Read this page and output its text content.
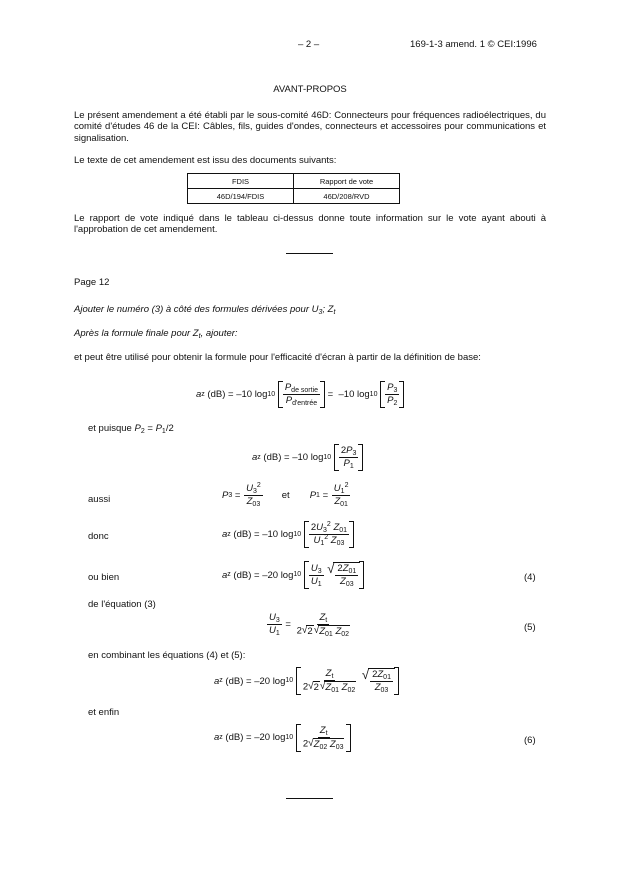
– 2 –	169-1-3 amend. 1 © CEI:1996
AVANT-PROPOS
Le présent amendement a été établi par le sous-comité 46D: Connecteurs pour fréquences radioélectriques, du comité d'études 46 de la CEI: Câbles, fils, guides d'ondes, connecteurs et accessoires pour communications et signalisation.
Le texte de cet amendement est issu des documents suivants:
FDIS	Rapport de vote
46D/194/FDIS	46D/208/RVD
Le rapport de vote indiqué dans le tableau ci-dessus donne toute information sur le vote ayant abouti à l'approbation de cet amendement.
Page 12
Ajouter le numéro (3) à côté des formules dérivées pour $U_3$; $Z_t$
Après la formule finale pour $Z_t$, ajouter:
et peut être utilisé pour obtenir la formule pour l'efficacité d'écran à partir de la définition de base:
a z (dB) = –10 log 10
$\frac{P_{de sortie}}{P_{d'entrée}} = -10$ log 10
$\frac{P_3}{P_2}$
et puisque $P_2 = P_1/2$
a z (dB) = –10 log 10
$\frac{2P_3}{P_1}$
aussi	P $3 = \frac{U_3^2}{Z_{03}}$ et P $1 = \frac{U_1^2}{Z_{01}}$
donc	a z (dB) = –10 log 10
$\frac{2U_3^2 Z_{01}}{U_1^2 Z_{03}}$
ou bien	a z (dB) = –20 log 10
$\frac{U_3}{U_1}$
√ $\frac{2Z_{01}}{Z_{03}}$	(4)
de l'équation (3)
$\frac{U_3}{U_1} = \frac{Z_t}{2 √ 2 √ Z_{01} Z_{02}}$	(5)
en combinant les équations (4) et (5):
a z (dB) = –20 log 10
$\frac{Z_t}{2 √ 2 √ Z_{01} Z_{02}}$
√ $\frac{2Z_{01}}{Z_{03}}$
et enfin
a z (dB) = –20 log 10
$\frac{Z_t}{2 √ Z_{02} Z_{03}}$	(6)
